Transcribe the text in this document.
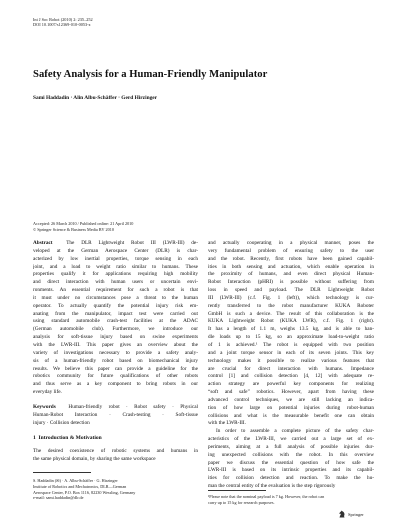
Int J Soc Robot (2010) 2: 235–252
DOI 10.1007/s12369-010-0053-z
Safety Analysis for a Human-Friendly Manipulator
Sami Haddadin · Alin Albu-Schäffer · Gerd Hirzinger
Accepted: 26 March 2010 / Published online: 21 April 2010
© Springer Science & Business Media BV 2010
Abstract	The DLR Lightweight Robot III (LWR-III) de-
veloped at the German Aerospace Center (DLR) is char-
acterized by low inertial properties, torque sensing in each
joint, and a load to weight ratio similar to humans. These
properties qualify it for applications requiring high mobility
and direct interaction with human users or uncertain envi-
ronments. An essential requirement for such a robot is that
it must under no circumstances pose a threat to the human
operator. To actually quantify the potential injury risk em-
anating from the manipulator, impact test were carried out
using standard automobile crash-test facilities at the ADAC
(German automobile club). Furthermore, we introduce our
analysis for soft-tissue injury based on swine experiments
with the LWR-III. This paper gives an overview about the
variety of investigations necessary to provide a safety analy-
sis of a human-friendly robot based on biomechanical injury
results. We believe this paper can provide a guideline for the
robotics community for future qualifications of other robots
and thus serve as a key component to bring robots in our
everyday life.
Keywords Human-friendly robot · Robot safety · Physical
Human-Robot Interaction · Crash-testing · Soft-tissue
injury · Collision detection
1 Introduction & Motivation
The desired coexistence of robotic systems and humans in
the same physical domain, by sharing the same workspace
S. Haddadin (✉) · A. Albu-Schäffer · G. Hirzinger
Institute of Robotics and Mechatronics, DLR—German
Aerospace Center, P.O. Box 1116, 82230 Wessling, Germany
e-mail: sami.haddadin@dlr.de
and actually cooperating in a physical manner, poses the
very fundamental problem of ensuring safety to the user
and the robot. Recently, first robots have been gained capabil-
ities in both sensing and actuation, which enable operation in
the proximity of humans, and even direct physical Human-
Robot Interaction (pHRI) is possible without suffering from
loss in speed and payload. The DLR Lightweight Robot
III (LWR-III) (c.f. Fig. 1 (left)), which technology is cur-
rently transferred to the robot manufacturer KUKA Roboter
GmbH is such a device. The result of this collaboration is the
KUKA Lightweight Robot (KUKA LWR), c.f. Fig. 1 (right).
It has a length of 1.1 m, weighs 13.5 kg, and is able to han-
dle loads up to 15 kg, so an approximate load-to-weight ratio
of 1 is achieved.¹ The robot is equipped with two position
and a joint torque sensor in each of its seven joints. This key
technology makes it possible to realize various features that
are crucial for direct interaction with humans. Impedance
control [1] and collision detection [4, 12] with adequate re-
action strategy are powerful key components for realizing
“soft and safe” robotics. However, apart from having these
advanced control techniques, we are still lacking an indica-
tion of how large on potential injuries during robot-human
collisions and what is the measurable benefit one can obtain
with the LWR-III.
In order to assemble a complete picture of the safety char-
acteristics of the LWR-III, we carried out a large set of ex-
periments, aiming at a full analysis of possible injuries dur-
ing unexpected collisions with the robot. In this overview
paper we discuss the essential question of how safe the
LWR-III is based on its intrinsic properties and its capabil-
ities for collision detection and reaction. To make the hu-
man the central entity of the evaluation is the step rigorously
¹Please note that the nominal payload is 7 kg. However, the robot can
carry up to 15 kg for research purposes.
Springer
